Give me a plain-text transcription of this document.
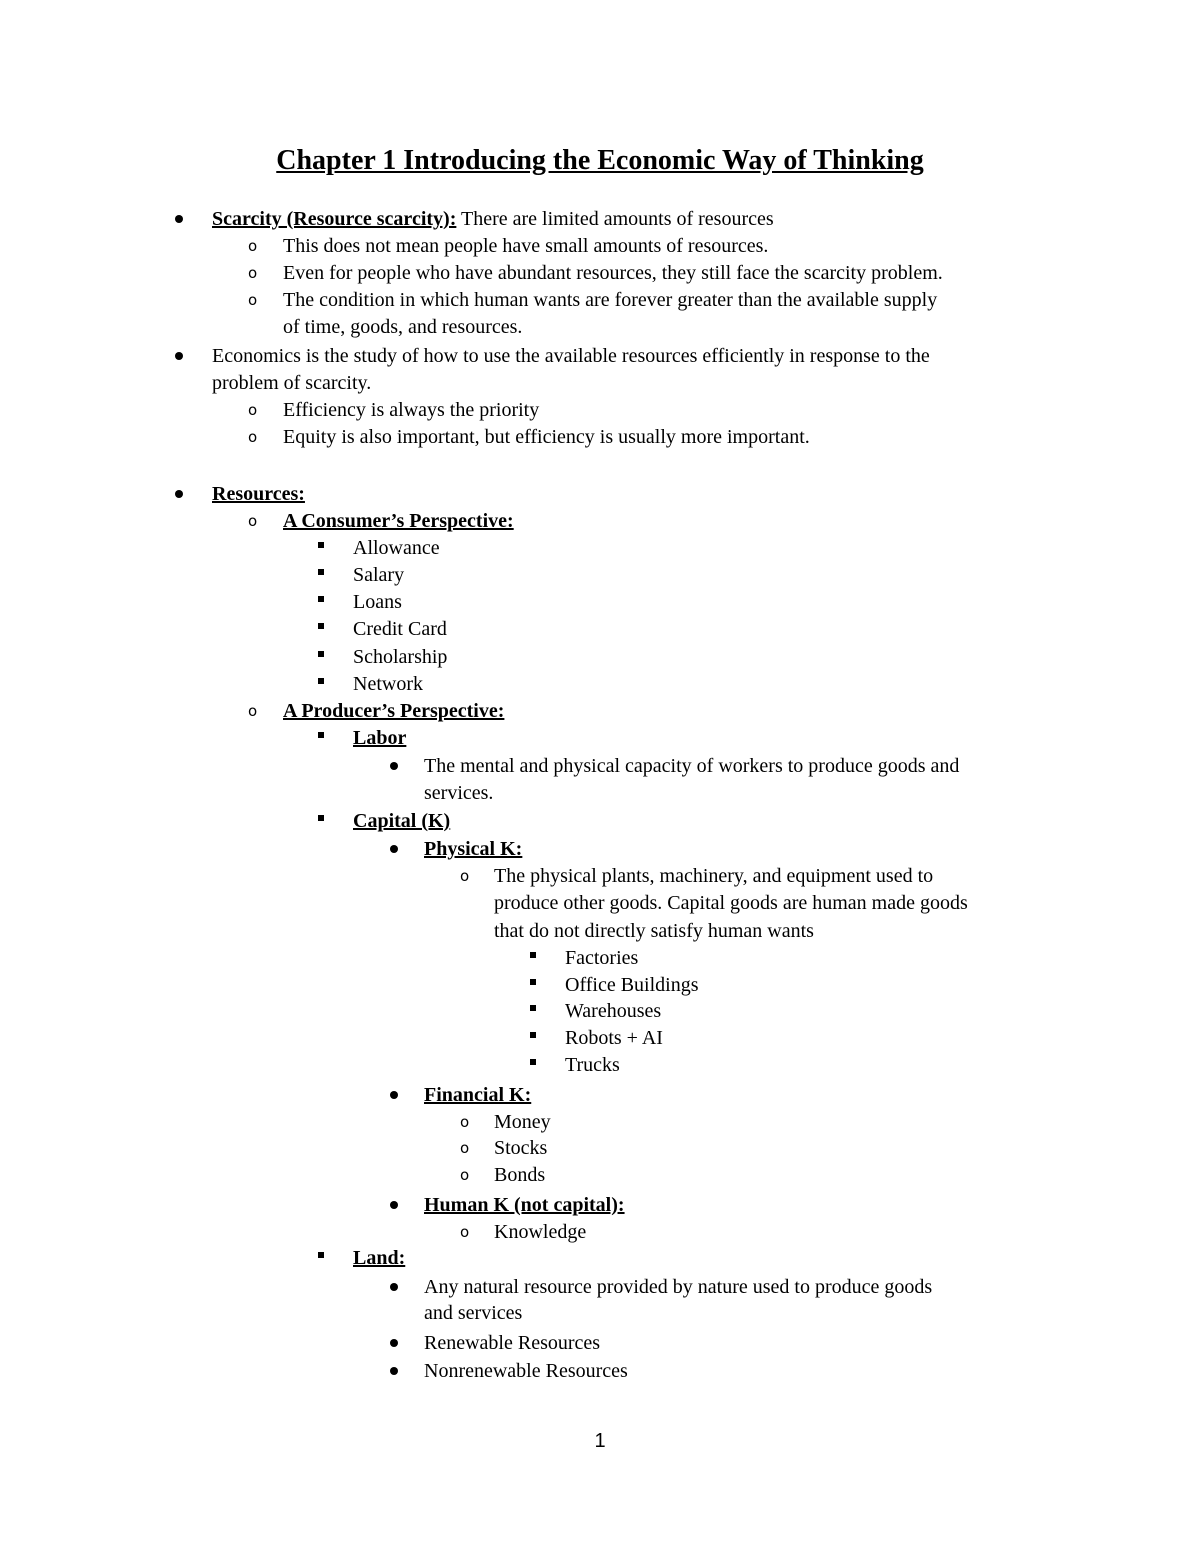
Chapter 1 Introducing the Economic Way of Thinking
Scarcity (Resource scarcity): There are limited amounts of resources
o This does not mean people have small amounts of resources.
o Even for people who have abundant resources, they still face the scarcity problem.
o The condition in which human wants are forever greater than the available supply
of time, goods, and resources.
Economics is the study of how to use the available resources efficiently in response to the
problem of scarcity.
o Efficiency is always the priority
o Equity is also important, but efficiency is usually more important.
Resources:
o A Consumer’s Perspective:
Allowance
Salary
Loans
Credit Card
Scholarship
Network
o A Producer’s Perspective:
Labor
The mental and physical capacity of workers to produce goods and
services.
Capital (K)
Physical K:
o The physical plants, machinery, and equipment used to
produce other goods. Capital goods are human made goods
that do not directly satisfy human wants
Factories
Office Buildings
Warehouses
Robots + AI
Trucks
Financial K:
o Money
o Stocks
o Bonds
Human K (not capital):
o Knowledge
Land:
Any natural resource provided by nature used to produce goods
and services
Renewable Resources
Nonrenewable Resources
1
